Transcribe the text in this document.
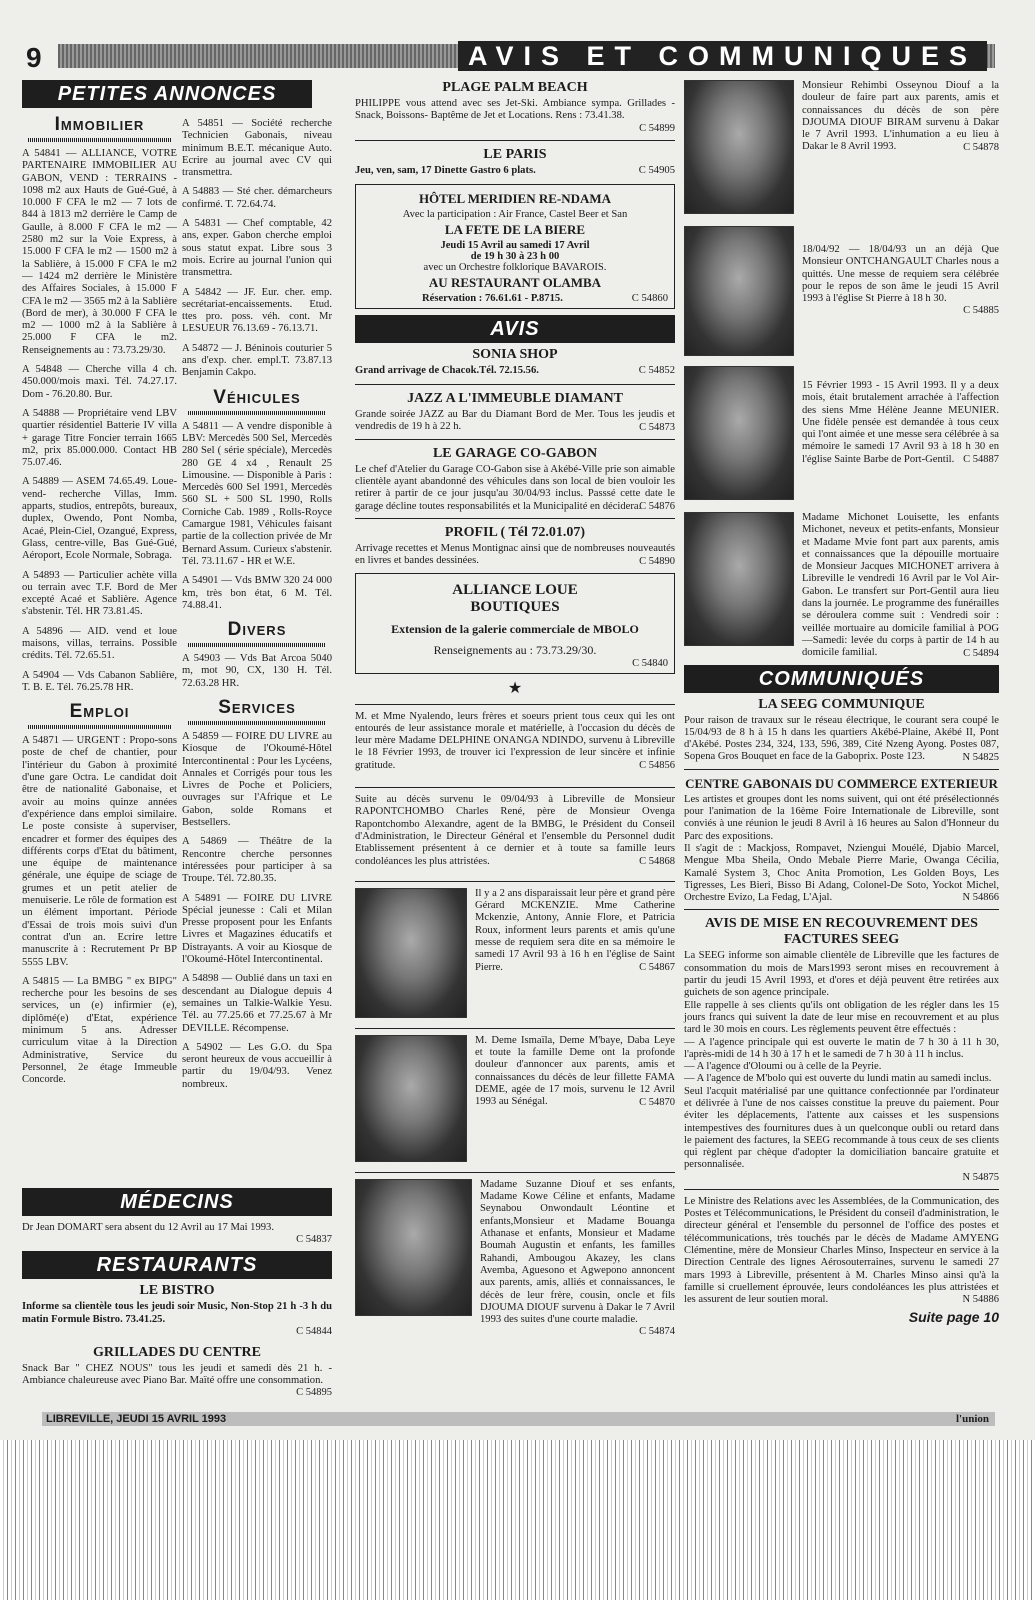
9	AVIS ET COMMUNIQUES
PETITES ANNONCES
Immobilier

A 54841 — ALLIANCE, VOTRE PARTENAIRE IMMOBILIER AU GABON, VEND : TERRAINS - 1098 m2 aux Hauts de Gué-Gué, à 10.000 F CFA le m2 — 7 lots de 844 à 1813 m2 derrière le Camp de Gaulle, à 8.000 F CFA le m2 — 2580 m2 sur la Voie Express, à 15.000 F CFA le m2 — 1500 m2 à la Sablière, à 15.000 F CFA le m2 — 1424 m2 derrière le Ministère des Affaires Sociales, à 15.000 F CFA le m2 — 3565 m2 à la Sablière (Bord de mer), à 30.000 F CFA le m2 — 1000 m2 à la Sablière à 25.000 F CFA le m2. Renseignements au : 73.73.29/30.

A 54848 — Cherche villa 4 ch. 450.000/mois maxi. Tél. 74.27.17. Dom - 76.20.80. Bur.

A 54888 — Propriétaire vend LBV quartier résidentiel Batterie IV villa + garage Titre Foncier terrain 1665 m2, prix 85.000.000. Contact HB 75.07.46.

A 54889 — ASEM 74.65.49. Loue- vend- recherche Villas, Imm. apparts, studios, entrepôts, bureaux, duplex, Owendo, Pont Nomba, Acaé, Plein-Ciel, Ozangué, Express, Glass, centre-ville, Bas Gué-Gué, Aéroport, Ecole Normale, Sobraga.

A 54893 — Particulier achète villa ou terrain avec T.F. Bord de Mer excepté Acaé et Sablière. Agence s'abstenir. Tél. HR 73.81.45.

A 54896 — AID. vend et loue maisons, villas, terrains. Possible crédits. Tél. 72.65.51.

A 54904 — Vds Cabanon Sabliêre, T. B. E. Tél. 76.25.78 HR.

Emploi

A 54871 — URGENT : Propo-sons poste de chef de chantier, pour l'intérieur du Gabon à proximité d'une gare Octra. Le candidat doit être de nationalité Gabonaise, et avoir au moins quinze années d'expérience dans emploi similaire. Le poste consiste à superviser, encadrer et former des équipes des différents corps d'Etat du bâtiment, une équipe de maintenance générale, une équipe de sciage de grumes et un petit atelier de menuiserie. Le rôle de formation est un élément important. Période d'Essai de trois mois suivi d'un contrat d'un an. Ecrire lettre manuscrite à : Recrutement Pr BP 5555 LBV.

A 54815 — La BMBG " ex BIPG" recherche pour les besoins de ses services, un (e) infirmier (e), diplômé(e) d'Etat, expérience minimum 5 ans. Adresser curriculum vitae à la Direction Administrative, Service du Personnel, 2e étage Immeuble Concorde.

A 54851 — Société recherche Technicien Gabonais, niveau minimum B.E.T. mécanique Auto. Ecrire au journal avec CV qui transmettra.

A 54883 — Sté cher. démarcheurs confirmé. T. 72.64.74.

A 54831 — Chef comptable, 42 ans, exper. Gabon cherche emploi sous statut expat. Libre sous 3 mois. Ecrire au journal l'union qui transmettra.

A 54842 — JF. Eur. cher. emp. secrétariat-encaissements. Etud. ttes pro. poss. véh. cont. Mr LESUEUR 76.13.69 - 76.13.71.

A 54872 — J. Béninois couturier 5 ans d'exp. cher. empl.T. 73.87.13 Benjamin Cakpo.

Véhicules

A 54811 — A vendre disponible à LBV: Mercedès 500 Sel, Mercedès 280 Sel ( série spéciale), Mercedès 280 GE 4 x4 , Renault 25 Limousine. — Disponible à Paris : Mercedès 600 Sel 1991, Mercedès 560 SL + 500 SL 1990, Rolls Corniche Cab. 1989 , Rolls-Royce Camargue 1981, Véhicules faisant partie de la collection privée de Mr Bernard Assum. Curieux s'abstenir. Tél. 73.11.67 - HR et W.E.

A 54901 — Vds BMW 320 24 000 km, très bon état, 6 M. Tél. 74.88.41.

Divers

A 54903 — Vds Bat Arcoa 5040 m, mot 90, CX, 130 H. Tél. 72.63.28 HR.

Services

A 54859 — FOIRE DU LIVRE au Kiosque de l'Okoumé-Hôtel Intercontinental : Pour les Lycéens, Annales et Corrigés pour tous les Livres de Poche et Policiers, ouvrages sur l'Afrique et Le Gabon, solde Romans et Bestsellers.

A 54869 — Théâtre de la Rencontre cherche personnes intéressées pour participer à sa Troupe. Tél. 72.80.35.

A 54891 — FOIRE DU LIVRE Spécial jeunesse : Cali et Milan Presse proposent pour les Enfants Livres et Magazines éducatifs et Distrayants. A voir au Kiosque de l'Okoumé-Hôtel Intercontinental.

A 54898 — Oublié dans un taxi en descendant au Dialogue depuis 4 semaines un Talkie-Walkie Yesu. Tél. au 77.25.66 et 77.25.67 à Mr DEVILLE. Récompense.

A 54902 — Les G.O. du Spa seront heureux de vous accueillir à partir du 19/04/93. Venez nombreux.

MÉDECINS
Dr Jean DOMART sera absent du 12 Avril au 17 Mai 1993.
C 54837
RESTAURANTS
LE BISTRO
Informe sa clientèle tous les jeudi soir Music, Non-Stop 21 h -3 h du matin Formule Bistro. 73.41.25.
C 54844
GRILLADES DU CENTRE
Snack Bar " CHEZ NOUS" tous les jeudi et samedi dès 21 h. - Ambiance chaleureuse avec Piano Bar. Maïté offre une consommation.
C 54895
PLAGE PALM BEACH
PHILIPPE vous attend avec ses Jet-Ski. Ambiance sympa. Grillades -Snack, Boissons- Baptême de Jet et Locations. Rens : 73.41.38.
C 54899
LE PARIS
Jeu, ven, sam, 17 Dinette Gastro 6 plats.	C 54905
HÔTEL MERIDIEN RE-NDAMA
Avec la participation : Air France, Castel Beer et San
LA FETE DE LA BIERE
Jeudi 15 Avril au samedi 17 Avril
de 19 h 30 à 23 h 00
avec un Orchestre folklorique BAVAROIS.
AU RESTAURANT OLAMBA
Réservation : 76.61.61 - P.8715.	C 54860
AVIS
SONIA SHOP
Grand arrivage de Chacok.Tél. 72.15.56.	C 54852
JAZZ A L'IMMEUBLE DIAMANT
Grande soirée JAZZ au Bar du Diamant Bord de Mer. Tous les jeudis et vendredis de 19 h à 22 h.	C 54873
LE GARAGE CO-GABON
Le chef d'Atelier du Garage CO-Gabon sise à Akébé-Ville prie son aimable clientèle ayant abandonné des véhicules dans son local de bien vouloir les retirer à partir de ce jour jusqu'au 30/04/93 inclus. Passsé cette date le garage décline toutes responsabilités et la Municipalité en décidera.
C 54876
PROFIL ( Tél 72.01.07)
Arrivage recettes et Menus Montignac ainsi que de nombreuses nouveautés en livres et bandes dessinées.	C 54890
ALLIANCE LOUE
BOUTIQUES
Extension de la galerie commerciale de MBOLO
Renseignements au : 73.73.29/30.
C 54840
★
M. et Mme Nyalendo, leurs frères et soeurs prient tous ceux qui les ont entourés de leur assistance morale et matérielle, à l'occasion du décès de leur mère Madame DELPHINE ONANGA NDINDO, survenu à Libreville le 18 Février 1993, de trouver ici l'expression de leur sincère et infinie gratitude.	C 54856
Suite au décès survenu le 09/04/93 à Libreville de Monsieur RAPONTCHOMBO Charles René, père de Monsieur Ovenga Rapontchombo Alexandre, agent de la BMBG, le Président du Conseil d'Administration, le Directeur Général et l'ensemble du Personnel dudit Etablissement présentent à ce dernier et à toute sa famille leurs condoléances les plus attristées.	C 54868
Il y a 2 ans disparaissait leur père et grand père Gérard MCKENZIE. Mme Catherine Mckenzie, Antony, Annie Flore, et Patricia Roux, informent leurs parents et amis qu'une messe de requiem sera dite en sa mémoire le samedi 17 Avril 93 à 16 h en l'église de Saint Pierre.	C 54867
M. Deme Ismaïla, Deme M'baye, Daba Leye et toute la famille Deme ont la profonde douleur d'annoncer aux parents, amis et connaissances du décès de leur fillette FAMA DEME, agée de 17 mois, survenu le 12 Avril 1993 au Sénégal.	C 54870
Madame Suzanne Diouf et ses enfants, Madame Kowe Céline et enfants, Madame Seynabou Onwondault Léontine et enfants,Monsieur et Madame Bouanga Athanase et enfants, Monsieur et Madame Boumah Augustin et enfants, les familles Rahandi, Ambougou Akazey, les clans Avemba, Aguesono et Agwepono annoncent aux parents, amis, alliés et connaissances, le décès de leur frère, cousin, oncle et fils DJOUMA DIOUF survenu à Dakar le 7 Avril 1993 des suites d'une courte maladie.
C 54874
Monsieur Rehimbi Osseynou Diouf a la douleur de faire part aux parents, amis et connaissances du décès de son père DJOUMA DIOUF BIRAM survenu à Dakar le 7 Avril 1993. L'inhumation a eu lieu à Dakar le 8 Avril 1993.	C 54878
18/04/92 — 18/04/93 un an déjà Que Monsieur ONTCHANGAULT Charles nous a quittés. Une messe de requiem sera célébrée pour le repos de son âme le jeudi 15 Avril 1993 à l'église St Pierre à 18 h 30.
C 54885
15 Février 1993 - 15 Avril 1993. Il y a deux mois, était brutalement arrachée à l'affection des siens Mme Hélène Jeanne MEUNIER. Une fidèle pensée est demandée à tous ceux qui l'ont aimée et une messe sera célébrée à sa mémoire le samedi 17 Avril 93 à 18 h 30 en l'église Sainte Barbe de Port-Gentil. C 54887
Madame Michonet Louisette, les enfants Michonet, neveux et petits-enfants, Monsieur et Madame Mvie font part aux parents, amis et connaissances que la dépouille mortuaire de Monsieur Jacques MICHONET arrivera à Libreville le vendredi 16 Avril par le Vol Air-Gabon. Le transfert sur Port-Gentil aura lieu dans la journée. Le programme des funérailles se déroulera comme suit : Vendredi soir : veillée mortuaire au domicile familial à POG—Samedi: levée du corps à partir de 14 h au domicile familial.	C 54894
COMMUNIQUÉS
LA SEEG COMMUNIQUE
Pour raison de travaux sur le réseau électrique, le courant sera coupé le 15/04/93 de 8 h à 15 h dans les quartiers Akébé-Plaine, Akébé II, Pont d'Akébé. Postes 234, 324, 133, 596, 389, Cité Nzeng Ayong. Postes 087, Sopena Gros Bouquet en face de la Gaboprix. Poste 123.	N 54825
CENTRE GABONAIS DU COMMERCE EXTERIEUR
Les artistes et groupes dont les noms suivent, qui ont été présélectionnés pour l'animation de la 16ème Foire Internationale de Libreville, sont conviés à une réunion le jeudi 8 Avril à 16 heures au Salon d'Honneur du Parc des expositions.
Il s'agit de : Mackjoss, Rompavet, Nziengui Mouélé, Djabio Marcel, Mengue Mba Sheila, Ondo Mebale Pierre Marie, Owanga Cécilia, Kamalé System 3, Choc Anita Promotion, Les Golden Boys, Les Tigresses, Les Bieri, Bisso Bi Adang, Colonel-De Soto, Yockot Michel, Orchestre Evizo, La Fedag, L'Ajal.	N 54866
AVIS DE MISE EN RECOUVREMENT DES FACTURES SEEG
La SEEG informe son aimable clientèle de Libreville que les factures de consommation du mois de Mars1993 seront mises en recouvrement à partir du jeudi 15 Avril 1993, et d'ores et déjà peuvent être retirées aux guichets de son agence principale.
Elle rappelle à ses clients qu'ils ont obligation de les régler dans les 15 jours francs qui suivent la date de leur mise en recouvrement et au plus tard le 30 mois en cours. Les règlements peuvent être effectués :
— A l'agence principale qui est ouverte le matin de 7 h 30 à 11 h 30, l'après-midi de 14 h 30 à 17 h et le samedi de 7 h 30 à 11 h inclus.
— A l'agence d'Oloumi ou à celle de la Peyrie.
— A l'agence de M'bolo qui est ouverte du lundi matin au samedi inclus.
Seul l'acquit matérialisé par une quittance confectionnée par l'ordinateur et délivrée à l'une de nos caisses constitue la preuve du paiement. Pour éviter les déplacements, l'attente aux caisses et les suspensions intempestives des fournitures dues à un quelconque oubli ou retard dans le paiement des factures, la SEEG recommande à tous ceux de ses clients qui règlent par chèque d'adopter la domiciliation bancaire gratuite et personnalisée.
N 54875
Le Ministre des Relations avec les Assemblées, de la Communication, des Postes et Télécommunications, le Président du conseil d'administration, le directeur général et l'ensemble du personnel de l'office des postes et télécommunications, très touchés par le décès de Madame AMYENG Clémentine, mère de Monsieur Charles Minso, Inspecteur en service à la Direction Centrale des lignes Aérosouterraines, survenu le samedi 27 mars 1993 à Libreville, présentent à M. Charles Minso ainsi qu'à la famille si cruellement éprouvée, leurs condoléances les plus attristées et les assurent de leur soutien moral.	N 54886
Suite page 10
LIBREVILLE, JEUDI 15 AVRIL 1993	l'union
